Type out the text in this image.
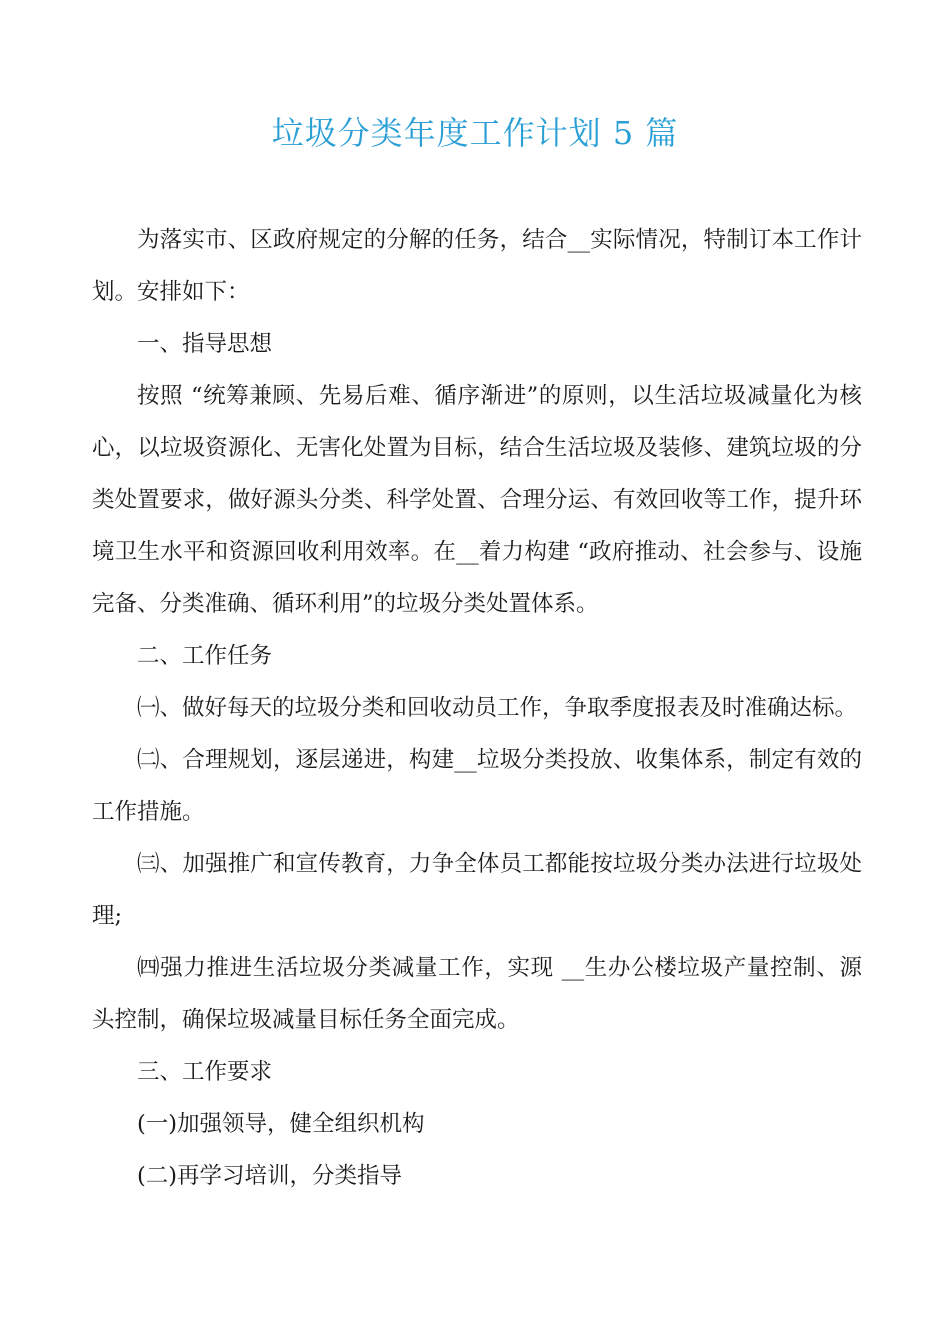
垃圾分类年度工作计划 5 篇

为落实市、区政府规定的分解的任务，结合__实际情况，特制订本工作计划。安排如下：

一、指导思想

按照 “统筹兼顾、先易后难、循序渐进”的原则，以生活垃圾减量化为核心，以垃圾资源化、无害化处置为目标，结合生活垃圾及装修、建筑垃圾的分类处置要求，做好源头分类、科学处置、合理分运、有效回收等工作，提升环境卫生水平和资源回收利用效率。在__着力构建 “政府推动、社会参与、设施完备、分类准确、循环利用”的垃圾分类处置体系。

二、工作任务

㈠、做好每天的垃圾分类和回收动员工作，争取季度报表及时准确达标。

㈡、合理规划，逐层递进，构建__垃圾分类投放、收集体系，制定有效的工作措施。

㈢、加强推广和宣传教育，力争全体员工都能按垃圾分类办法进行垃圾处理;

㈣强力推进生活垃圾分类减量工作，实现 __生办公楼垃圾产量控制、源头控制，确保垃圾减量目标任务全面完成。

三、工作要求

(一)加强领导，健全组织机构

(二)再学习培训，分类指导
